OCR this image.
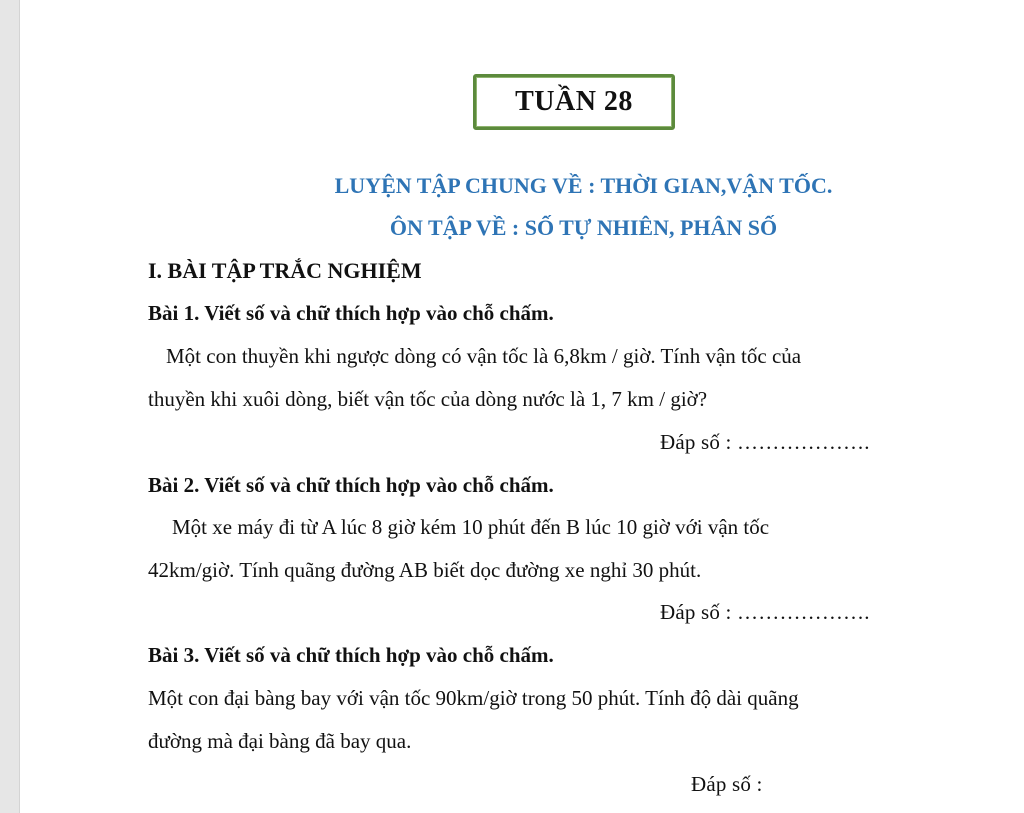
TUẦN 28
LUYỆN TẬP CHUNG VỀ : THỜI GIAN,VẬN TỐC.
ÔN TẬP VỀ : SỐ TỰ NHIÊN, PHÂN SỐ
I. BÀI TẬP TRẮC NGHIỆM
Bài 1. Viết số và chữ thích hợp vào chỗ chấm.
Một con thuyền khi ngược dòng có vận tốc là 6,8km / giờ. Tính vận tốc của
thuyền khi xuôi dòng, biết vận tốc của dòng nước là 1, 7 km / giờ?
Đáp số : ……………….
Bài 2. Viết số và chữ thích hợp vào chỗ chấm.
Một xe máy đi từ A lúc 8 giờ kém 10 phút đến B lúc 10 giờ với vận tốc
42km/giờ. Tính quãng đường AB biết dọc đường xe nghỉ 30 phút.
Đáp số : ……………….
Bài 3. Viết số và chữ thích hợp vào chỗ chấm.
Một con đại bàng bay với vận tốc 90km/giờ trong 50 phút. Tính độ dài quãng
đường mà đại bàng đã bay qua.
Đáp số :
